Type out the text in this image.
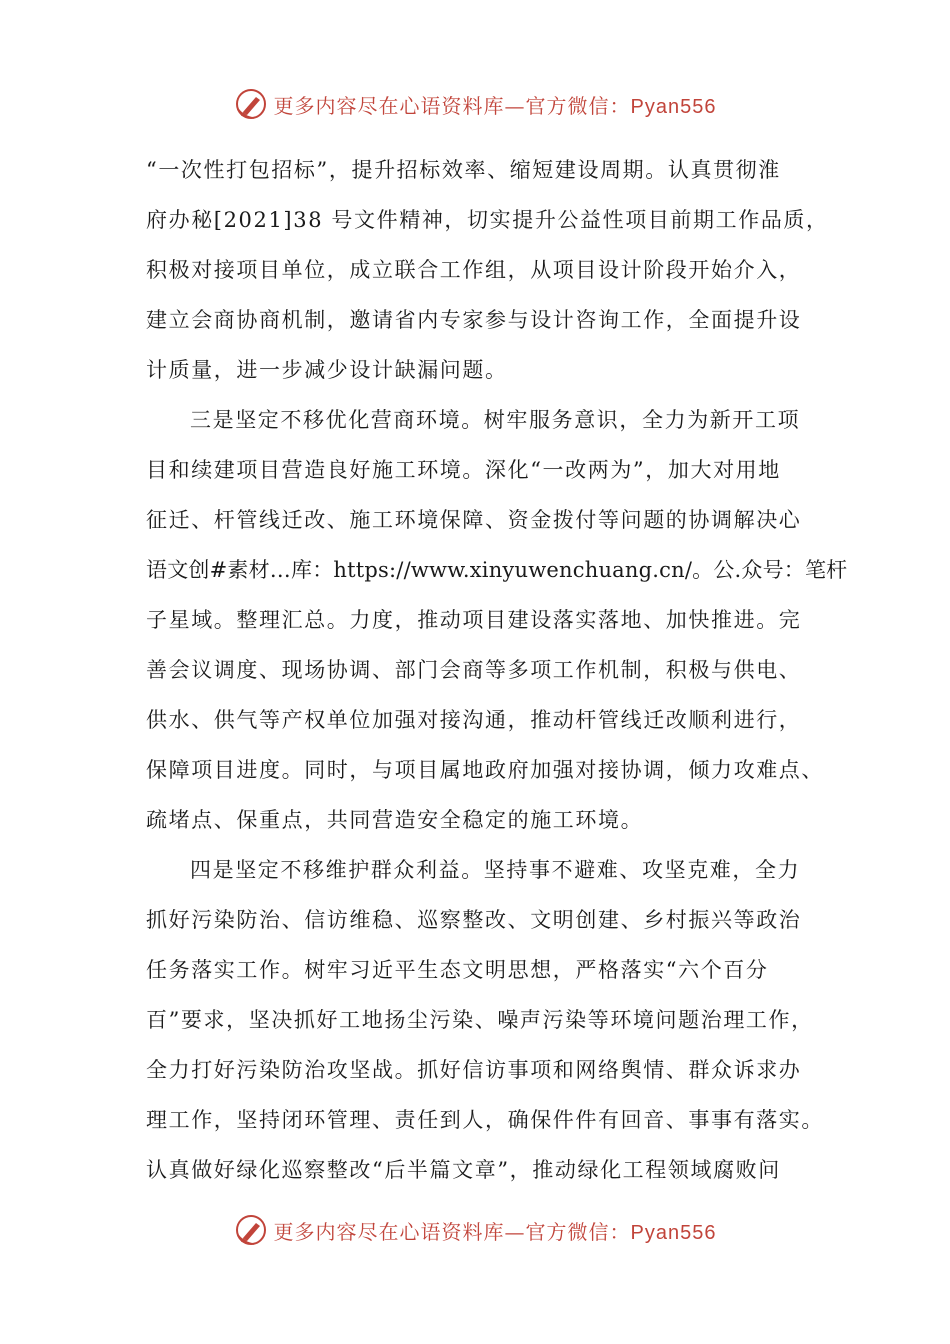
更多内容尽在心语资料库—官方微信：Pyan556
“一次性打包招标”，提升招标效率、缩短建设周期。认真贯彻淮
府办秘[2021]38 号文件精神，切实提升公益性项目前期工作品质，
积极对接项目单位，成立联合工作组，从项目设计阶段开始介入，
建立会商协商机制，邀请省内专家参与设计咨询工作，全面提升设
计质量，进一步减少设计缺漏问题。
三是坚定不移优化营商环境。树牢服务意识，全力为新开工项
目和续建项目营造良好施工环境。深化“一改两为”，加大对用地
征迁、杆管线迁改、施工环境保障、资金拨付等问题的协调解决心
语文创#素材…库：https://www.xinyuwenchuang.cn/。公.众号：笔杆
子星域。整理汇总。力度，推动项目建设落实落地、加快推进。完
善会议调度、现场协调、部门会商等多项工作机制，积极与供电、
供水、供气等产权单位加强对接沟通，推动杆管线迁改顺利进行，
保障项目进度。同时，与项目属地政府加强对接协调，倾力攻难点、
疏堵点、保重点，共同营造安全稳定的施工环境。
四是坚定不移维护群众利益。坚持事不避难、攻坚克难，全力
抓好污染防治、信访维稳、巡察整改、文明创建、乡村振兴等政治
任务落实工作。树牢习近平生态文明思想，严格落实“六个百分
百”要求，坚决抓好工地扬尘污染、噪声污染等环境问题治理工作，
全力打好污染防治攻坚战。抓好信访事项和网络舆情、群众诉求办
理工作，坚持闭环管理、责任到人，确保件件有回音、事事有落实。
认真做好绿化巡察整改“后半篇文章”，推动绿化工程领域腐败问
更多内容尽在心语资料库—官方微信：Pyan556
